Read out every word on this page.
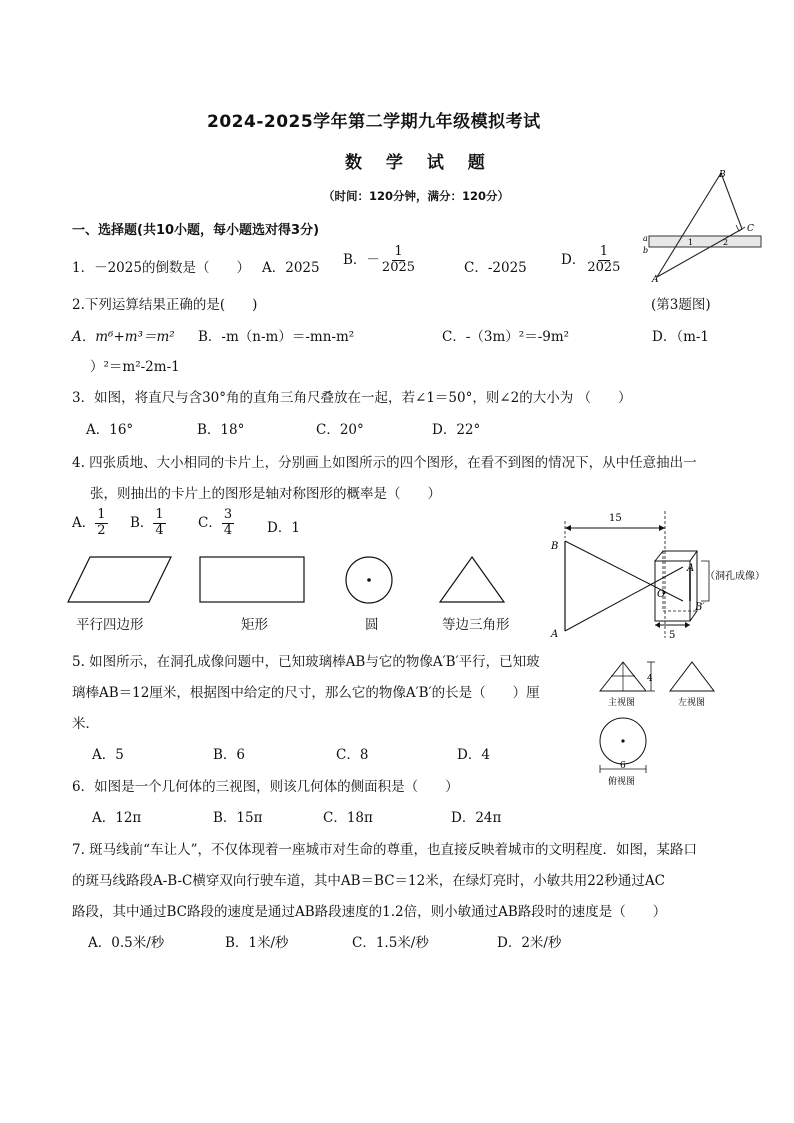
2024-2025学年第二学期九年级模拟考试
数 学 试 题
（时间：120分钟，满分：120分）
一、选择题(共10小题，每小题选对得3分)
B
C
A
a
b
1	2
1．－2025的倒数是（　　） A．2025
B．－ $\frac{1}{2025}$	C．-2025
D． $\frac{1}{2025}$
2.下列运算结果正确的是(　　)	(第3题图)
A．m⁶+m³＝m² B．-m（n-m）＝-mn-m²	C．-（3m）²＝-9m²	D．（m-1
）²＝m²-2m-1
3．如图，将直尺与含30°角的直角三角尺叠放在一起，若∠1＝50°，则∠2的大小为 （　　）
A．16°	B．18°	C．20°	D．22°
4. 四张质地、大小相同的卡片上，分别画上如图所示的四个图形，在看不到图的情况下，从中任意抽出一
张，则抽出的卡片上的图形是轴对称图形的概率是（　　）
A． $\frac{1}{2}$ B． $\frac{1}{4}$ C． $\frac{3}{4}$ D．1
平行四边形	矩形	圆	等边三角形
15
B
A
O
A
B′
（洞孔成像）
5
5. 如图所示，在洞孔成像问题中，已知玻璃棒AB与它的物像A′B′平行，已知玻
璃棒AB＝12厘米，根据图中给定的尺寸，那么它的物像A′B′的长是（　　）厘
米．
A．5	B．6	C．8	D．4
4
主视图	左视图
6
俯视图
6．如图是一个几何体的三视图，则该几何体的侧面积是（　　）
A．12π	B．15π	C．18π	D．24π
7. 斑马线前“车让人”，不仅体现着一座城市对生命的尊重，也直接反映着城市的文明程度．如图，某路口
的斑马线路段A-B-C横穿双向行驶车道，其中AB＝BC＝12米，在绿灯亮时，小敏共用22秒通过AC
路段，其中通过BC路段的速度是通过AB路段速度的1.2倍，则小敏通过AB路段时的速度是（　　）
A．0.5米/秒	B．1米/秒	C．1.5米/秒	D．2米/秒
